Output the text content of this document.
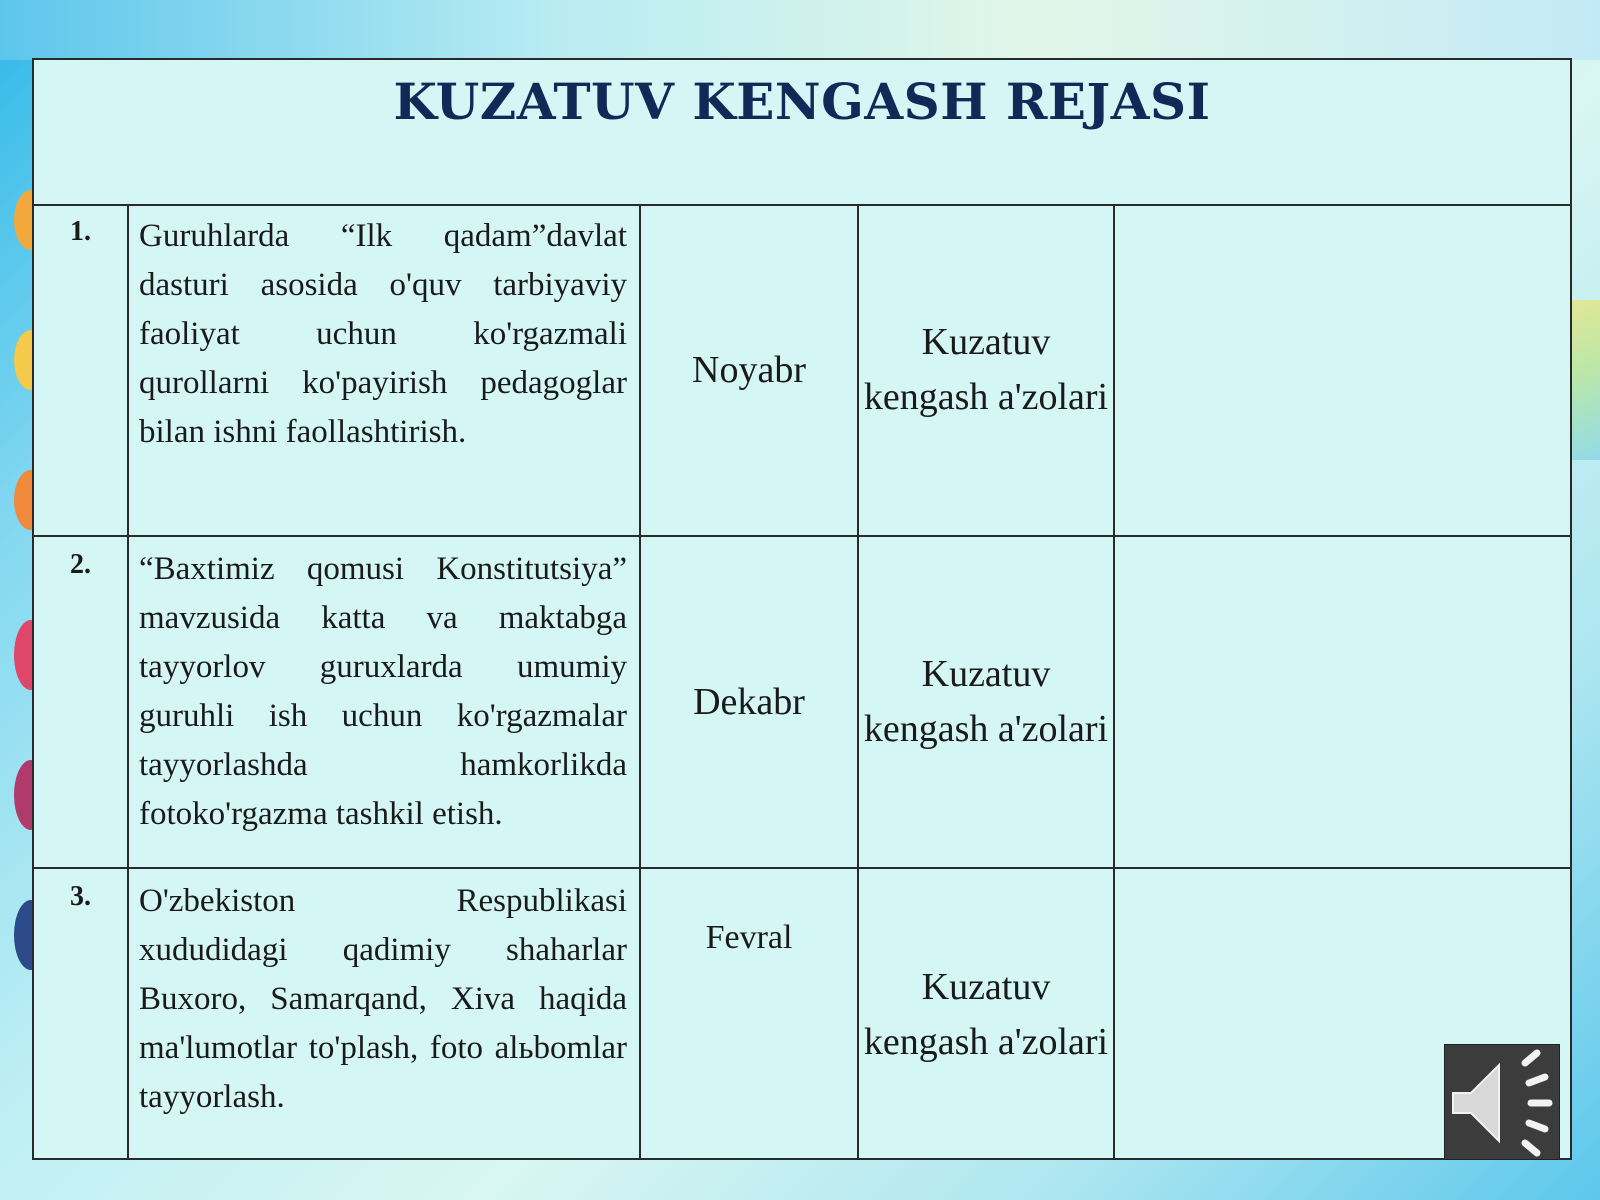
KUZATUV KENGASH REJASI
1.	Guruhlarda “Ilk qadam”davlat dasturi asosida o'quv tarbiyaviy faoliyat uchun ko'rgazmali qurollarni ko'payirish pedagoglar bilan ishni faollashtirish.	Noyabr	Kuzatuv kengash a'zolari	
2.	“Baxtimiz qomusi Konstitutsiya” mavzusida katta va maktabga tayyorlov guruxlarda umumiy guruhli ish uchun ko'rgazmalar tayyorlashda hamkorlikda fotoko'rgazma tashkil etish.	Dekabr	Kuzatuv kengash a'zolari	
3.	O'zbekiston Respublikasi xududidagi qadimiy shaharlar Buxoro, Samarqand, Xiva haqida ma'lumotlar to'plash, foto alьbomlar tayyorlash.	Fevral	Kuzatuv kengash a'zolari	
